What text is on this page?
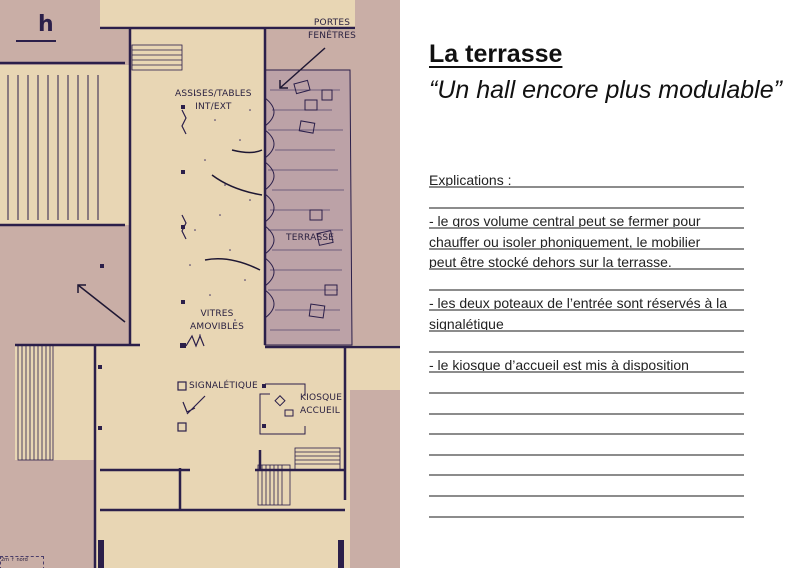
h	PORTES
FENÊTRES
ASSISES/TABLES
INT/EXT
TERRASSE
VITRES
AMOVIBLES
SIGNALÉTIQUE
KIOSQUE
ACCUEIL
2m ↑ nord
La terrasse
“Un hall encore plus modulable”
Explications :
- le gros volume central peut se fermer pour
chauffer ou isoler phoniquement, le mobilier
peut être stocké dehors sur la terrasse.
- les deux poteaux de l’entrée sont réservés à la
signalétique
- le kiosque d’accueil est mis à disposition
